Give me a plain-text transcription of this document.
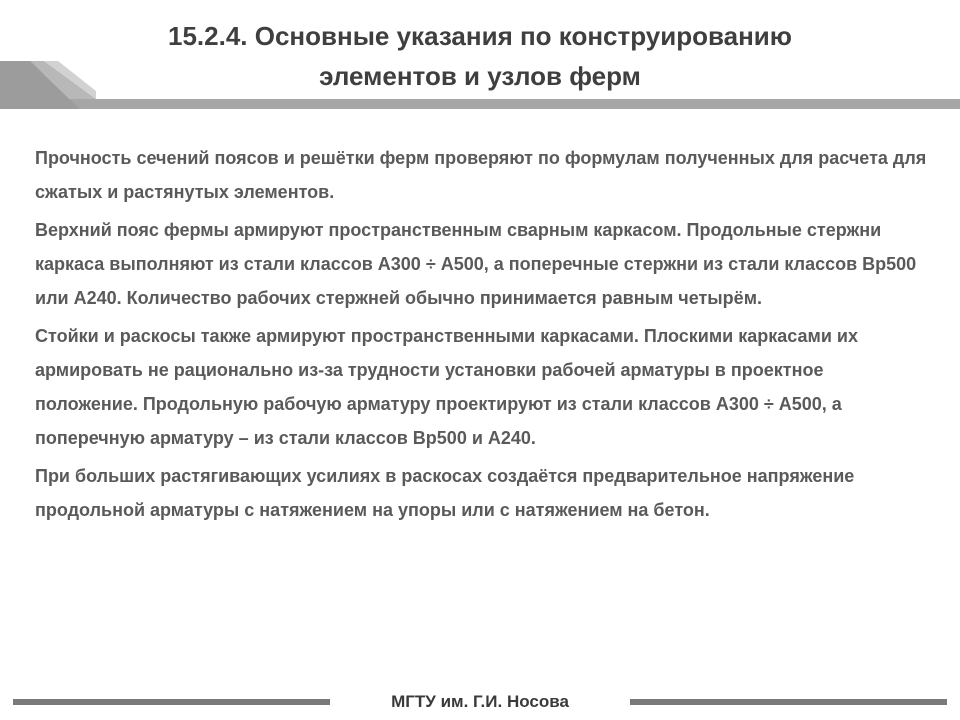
15.2.4. Основные указания по конструированию
элементов и узлов ферм

Прочность сечений поясов и решётки ферм проверяют по формулам полученных для расчета для сжатых и растянутых элементов.

Верхний пояс фермы армируют пространственным сварным каркасом. Продольные стержни каркаса выполняют из стали классов А300 ÷ А500, а поперечные стержни из стали классов Вр500 или А240. Количество рабочих стержней обычно принимается равным четырём.

Стойки и раскосы также армируют пространственными каркасами. Плоскими каркасами их армировать не рационально из-за трудности установки рабочей арматуры в проектное положение. Продольную рабочую арматуру проектируют из стали классов А300 ÷ А500, а поперечную арматуру – из стали классов Вр500 и А240.

При больших растягивающих усилиях в раскосах создаётся предварительное напряжение продольной арматуры с натяжением на упоры или с натяжением на бетон.

МГТУ им. Г.И. Носова
